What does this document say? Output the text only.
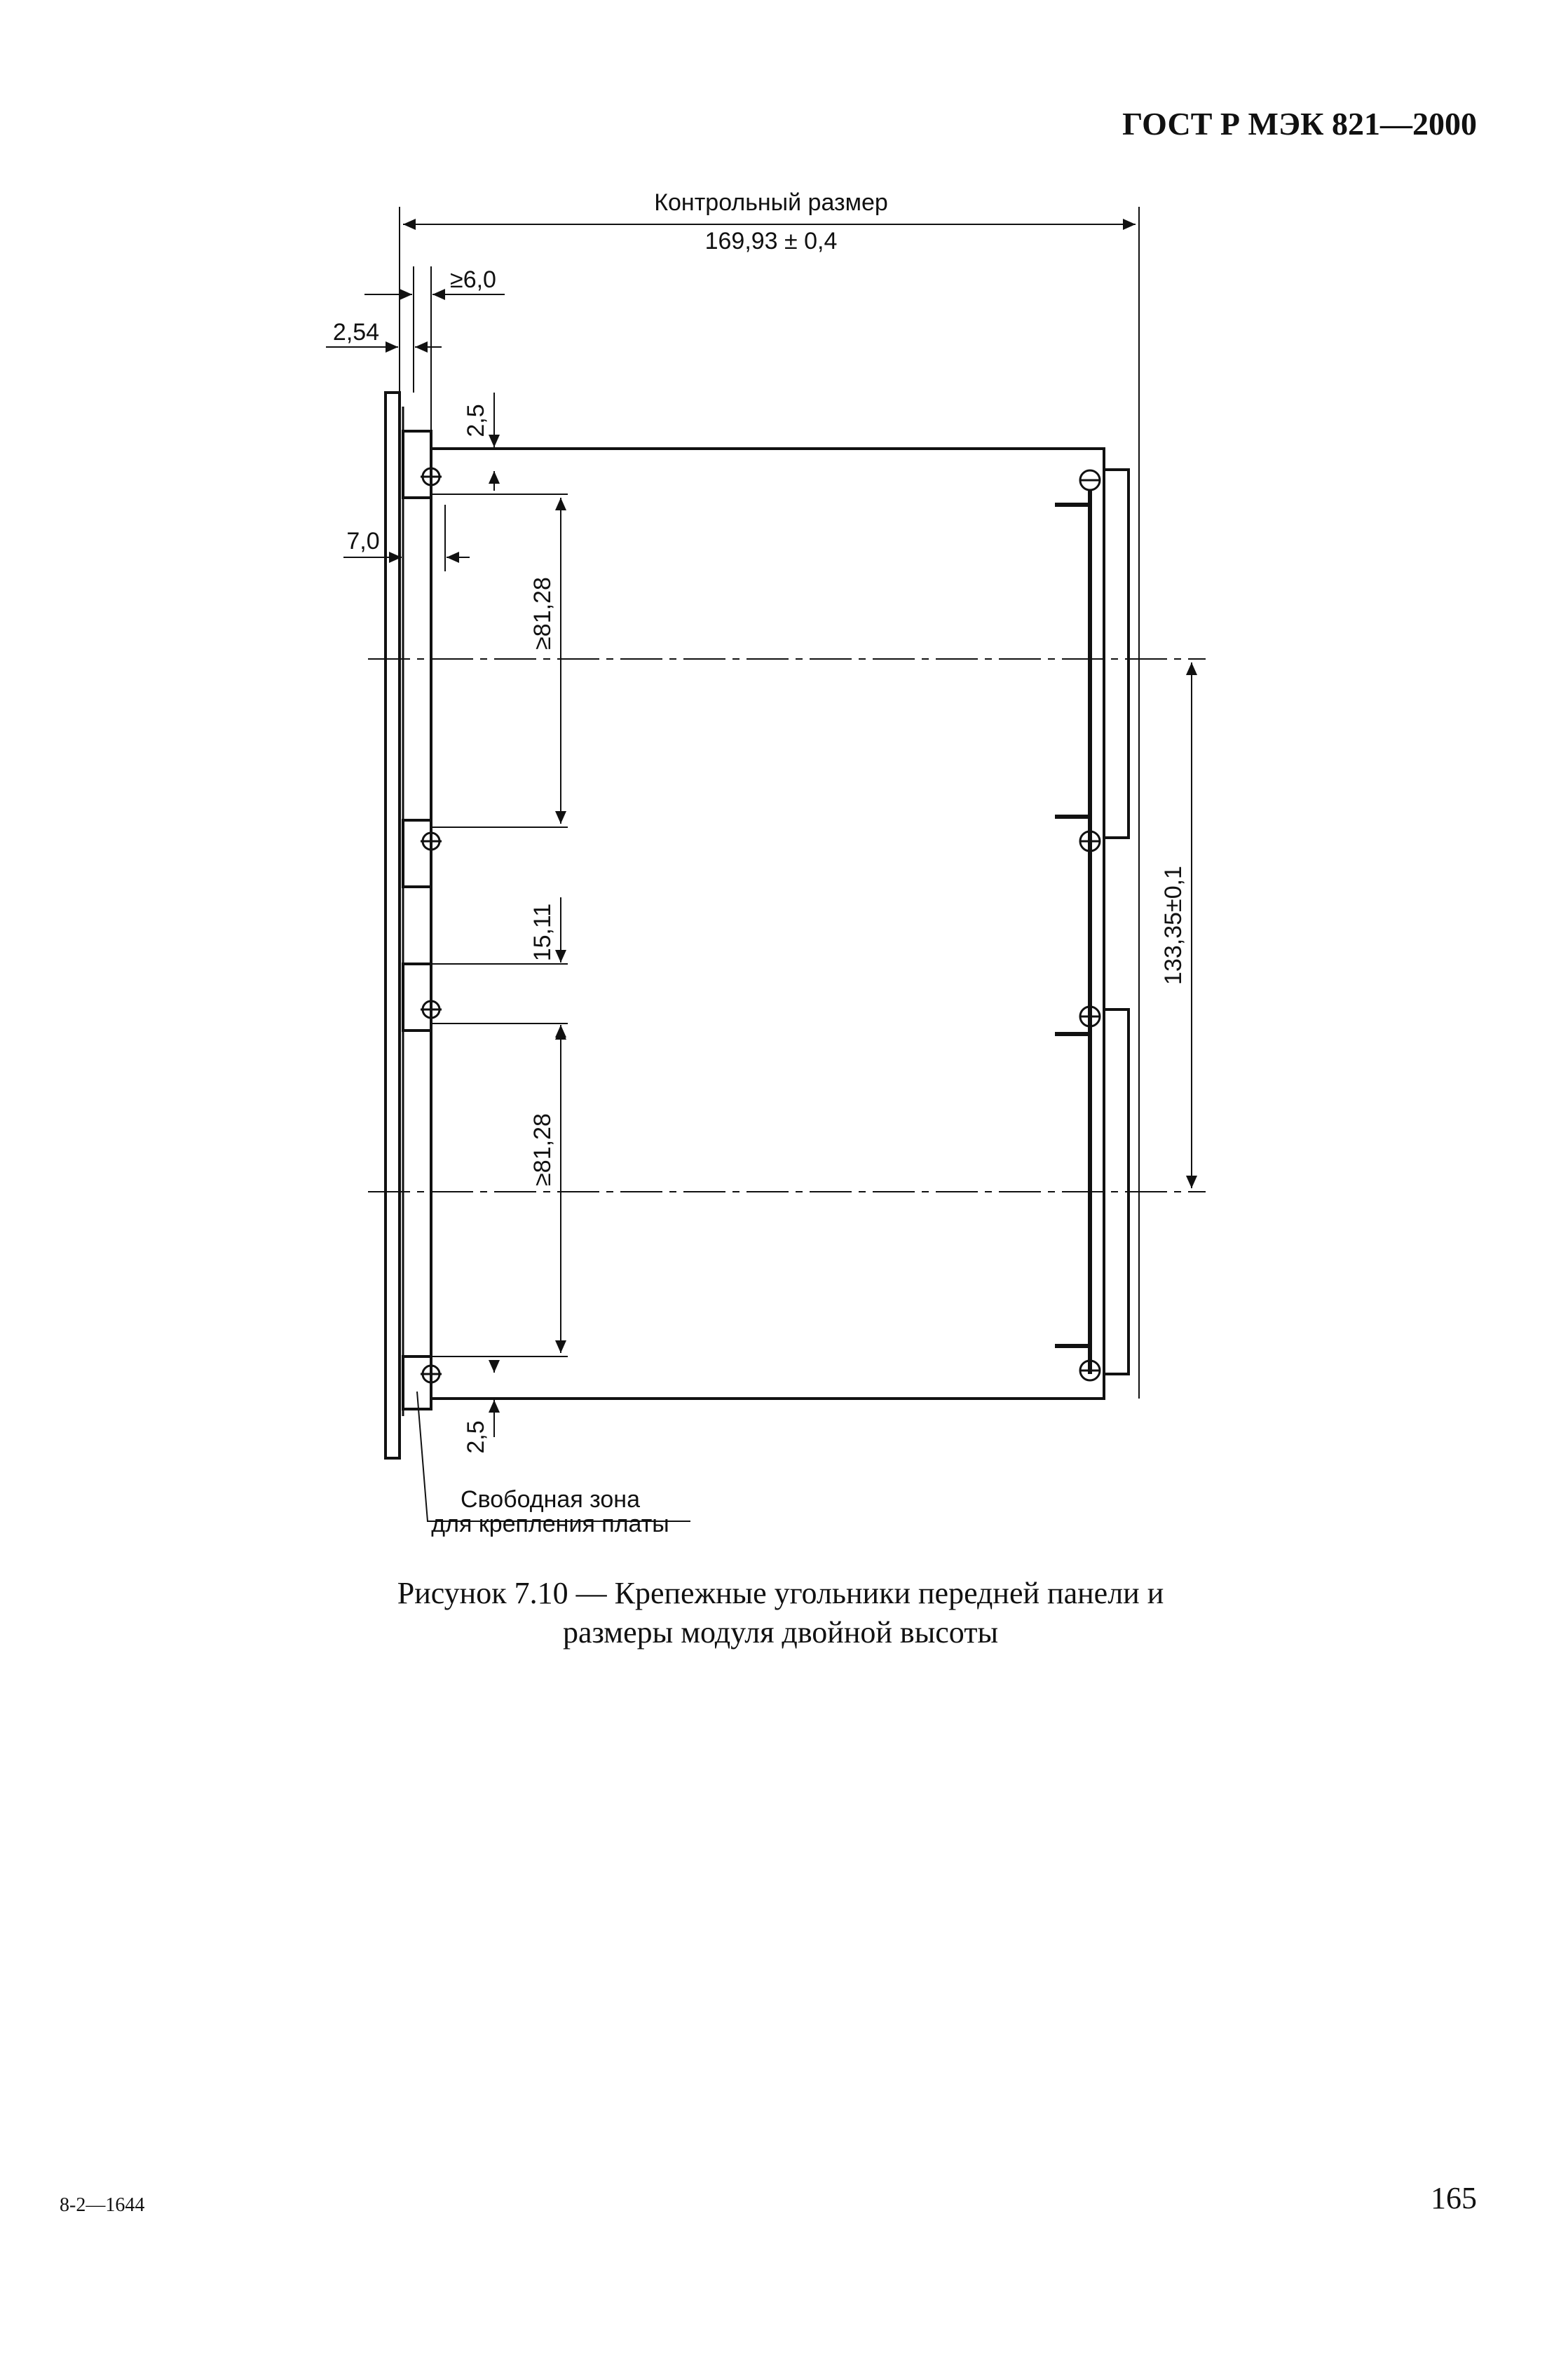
ГОСТ Р МЭК 821—2000
Контрольный размер
169,93 ± 0,4
≥6,0
2,54
2,5
7,0
≥81,28
15,11
≥81,28
2,5
133,35±0,1
Свободная зона
для крепления платы
Рисунок 7.10 — Крепежные угольники передней панели и
размеры модуля двойной высоты
8-2—1644	165
